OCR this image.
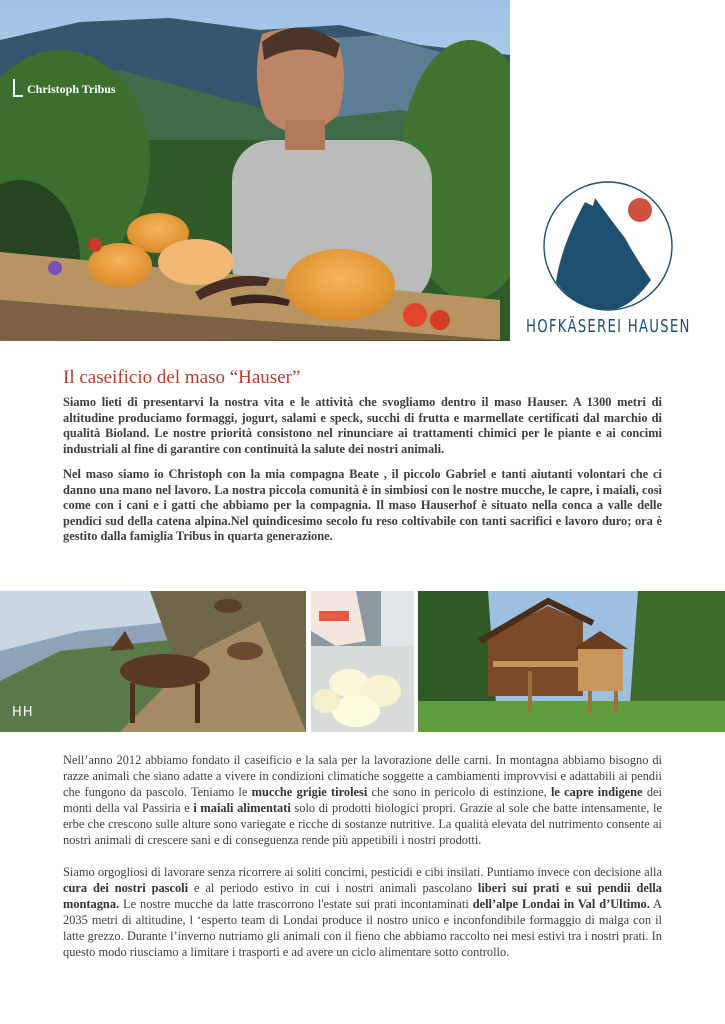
Christoph Tribus
HOFKÄSEREI HAUSEN
Il caseificio del maso “Hauser”
Siamo lieti di presentarvi la nostra vita e le attività che svogliamo dentro il maso Hauser. A 1300 metri di altitudine produciamo formaggi, jogurt, salami e speck, succhi di frutta e marmellate certificati dal marchio di qualità Bioland. Le nostre priorità consistono nel rinunciare ai trattamenti chimici per le piante e ai concimi industriali al fine di garantire con continuità la salute dei nostri animali.
Nel maso siamo io Christoph con la mia compagna Beate , il piccolo Gabriel e tanti aiutanti volontari che ci danno una mano nel lavoro. La nostra piccola comunità è in simbiosi con le nostre mucche, le capre, i maiali, così come con i cani e i gatti che abbiamo per la compagnia. Il maso Hauserhof è situato nella conca a valle delle pendici sud della catena alpina.Nel quindicesimo secolo fu reso coltivabile con tanti sacrifici e lavoro duro; ora è gestito dalla famiglia Tribus in quarta generazione.
HH
Nell’anno 2012 abbiamo fondato il caseificio e la sala per la lavorazione delle carni. In montagna abbiamo bisogno di razze animali che siano adatte a vivere in condizioni climatiche soggette a cambiamenti improvvisi e adattabili ai pendii che fungono da pascolo. Teniamo le mucche grigie tirolesi che sono in pericolo di estinzione, le capre indigene dei monti della val Passiria e i maiali alimentati solo di prodotti biologici propri. Grazie al sole che batte intensamente, le erbe che crescono sulle alture sono variegate e ricche di sostanze nutritive. La qualità elevata del nutrimento consente ai nostri animali di crescere sani e di conseguenza rende più appetibili i nostri prodotti.
Siamo orgogliosi di lavorare senza ricorrere ai soliti concimi, pesticidi e cibi insilati. Puntiamo invece con decisione alla cura dei nostri pascoli e al periodo estivo in cui i nostri animali pascolano liberi sui prati e sui pendii della montagna. Le nostre mucche da latte trascorrono l'estate sui prati incontaminati dell’alpe Londai in Val d’Ultimo. A 2035 metri di altitudine, l ‘esperto team di Londai produce il nostro unico e inconfondibile formaggio di malga con il latte grezzo. Durante l’inverno nutriamo gli animali con il fieno che abbiamo raccolto nei mesi estivi tra i nostri prati. In questo modo riusciamo a limitare i trasporti e ad avere un ciclo alimentare sotto controllo.
